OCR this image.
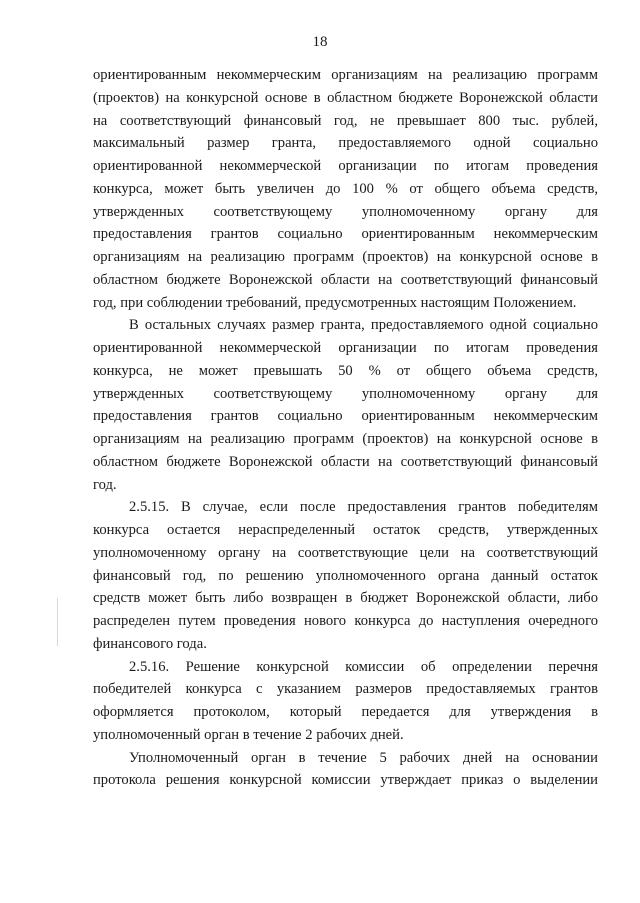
18
ориентированным некоммерческим организациям на реализацию программ
(проектов) на конкурсной основе в областном бюджете Воронежской области
на соответствующий финансовый год, не превышает 800 тыс. рублей,
максимальный размер гранта, предоставляемого одной социально
ориентированной некоммерческой организации по итогам проведения
конкурса, может быть увеличен до 100 % от общего объема средств,
утвержденных соответствующему уполномоченному органу для
предоставления грантов социально ориентированным некоммерческим
организациям на реализацию программ (проектов) на конкурсной основе в
областном бюджете Воронежской области на соответствующий финансовый
год, при соблюдении требований, предусмотренных настоящим Положением.
В остальных случаях размер гранта, предоставляемого одной социально
ориентированной некоммерческой организации по итогам проведения
конкурса, не может превышать 50 % от общего объема средств,
утвержденных соответствующему уполномоченному органу для
предоставления грантов социально ориентированным некоммерческим
организациям на реализацию программ (проектов) на конкурсной основе в
областном бюджете Воронежской области на соответствующий финансовый
год.
2.5.15. В случае, если после предоставления грантов победителям
конкурса остается нераспределенный остаток средств, утвержденных
уполномоченному органу на соответствующие цели на соответствующий
финансовый год, по решению уполномоченного органа данный остаток
средств может быть либо возвращен в бюджет Воронежской области, либо
распределен путем проведения нового конкурса до наступления очередного
финансового года.
2.5.16. Решение конкурсной комиссии об определении перечня
победителей конкурса с указанием размеров предоставляемых грантов
оформляется протоколом, который передается для утверждения в
уполномоченный орган в течение 2 рабочих дней.
Уполномоченный орган в течение 5 рабочих дней на основании
протокола решения конкурсной комиссии утверждает приказ о выделении
